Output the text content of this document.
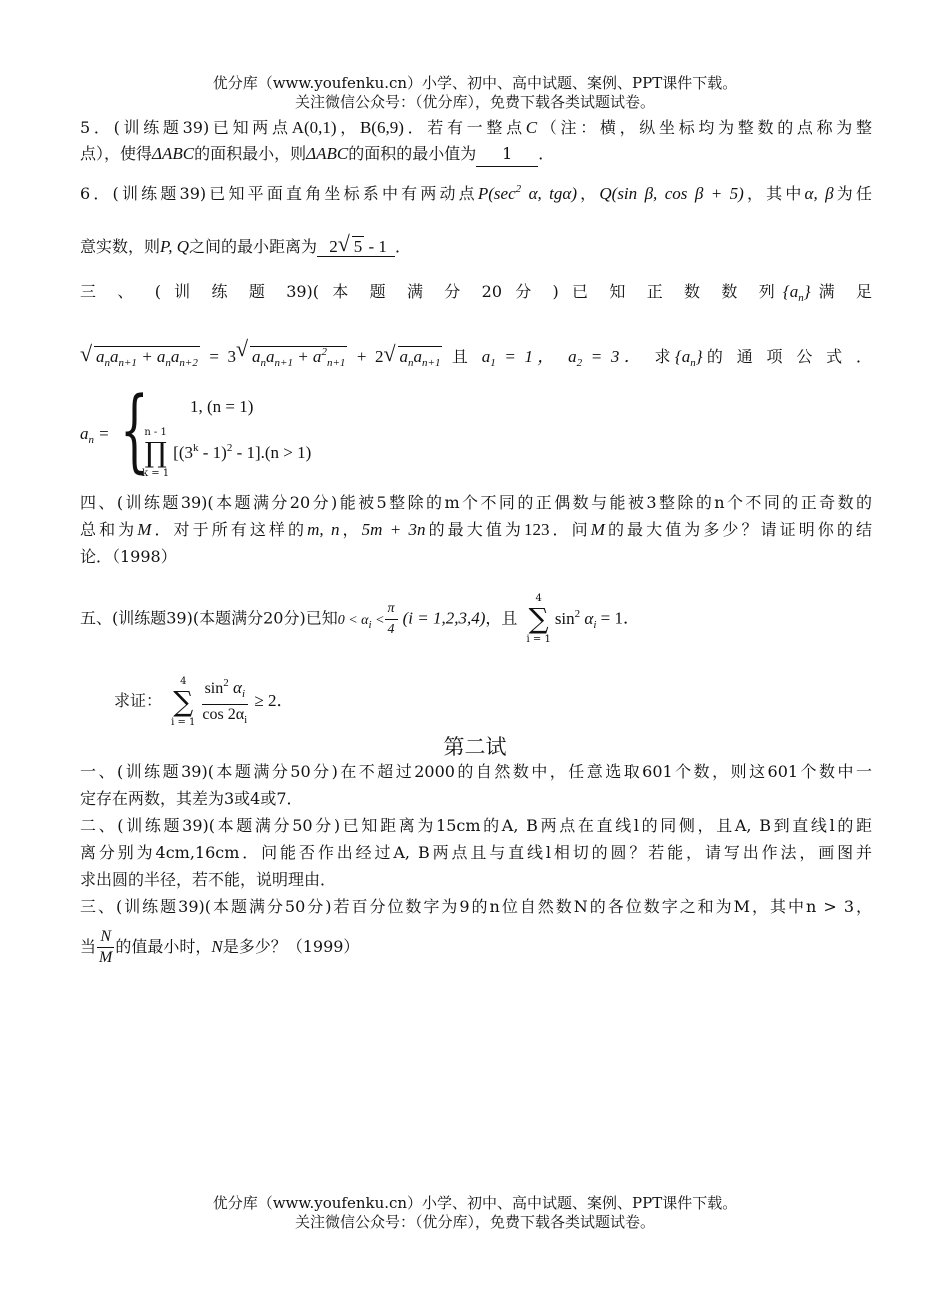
优分库（www.youfenku.cn）小学、初中、高中试题、案例、PPT课件下载。
关注微信公众号：（优分库），免费下载各类试题试卷。
5．(训练题39)已知两点A(0,1)，B(6,9)．若有一整点C（注：横，纵坐标均为整数的点称为整
点），使得ΔABC的面积最小，则ΔABC的面积的最小值为 1 ．
6．(训练题39)已知平面直角坐标系中有两动点$P(\sec^2$ α, tgα)，Q(sin β, cos β + 5)，其中α, β为任
意实数，则P, Q之间的最小距离为 2√ 5 - 1 ．
三 、 ( 训 练 题 39)( 本 题 满 分 20 分 ) 已 知 正 数 数 列$\{a_n\}$满 足
√ $a_na_{n+1} + a_na_{n+2} = 3√$ $a_na_{n+1} + a^2_{n+1} + 2√$ $a_na_{n+1}$ 且 $a_1 = 1$， $a_2 = 3$． 求$\{a_n\}$的 通 项 公 式 ．
$a_n$ = { 1, (n = 1)
n - 1
∏
k = 1
[(3$^k$ - 1)$^2$ - 1].(n > 1)
四、(训练题39)(本题满分20分)能被5整除的m个不同的正偶数与能被3整除的n个不同的正奇数的
总和为M．对于所有这样的m, n，5m + 3n的最大值为123．问M的最大值为多少？请证明你的结
论．（1998）
五、(训练题39)(本题满分20分)已知$0 < \alpha_i < \frac{\pi}{4} (i = 1,2,3,4)$，且
4
∑
i = 1
$\sin^2 \alpha_i = 1$．
求证：
4
∑
$i = 1 \frac{\sin^2 \alpha_i}{\cos 2\alpha_i} \ge 2$．
第二试
一、(训练题39)(本题满分50分)在不超过2000的自然数中，任意选取601个数，则这601个数中一
定存在两数，其差为3或4或7．
二、(训练题39)(本题满分50分)已知距离为15cm的A, B两点在直线l的同侧，且A, B到直线l的距
离分别为4cm,16cm．问能否作出经过A, B两点且与直线l相切的圆？若能，请写出作法，画图并
求出圆的半径，若不能，说明理由．
三、(训练题39)(本题满分50分)若百分位数字为9的n位自然数N的各位数字之和为M，其中n > 3，
当 $\frac{N}{M}$ 的值最小时，N是多少？（1999）
优分库（www.youfenku.cn）小学、初中、高中试题、案例、PPT课件下载。
关注微信公众号：（优分库），免费下载各类试题试卷。
